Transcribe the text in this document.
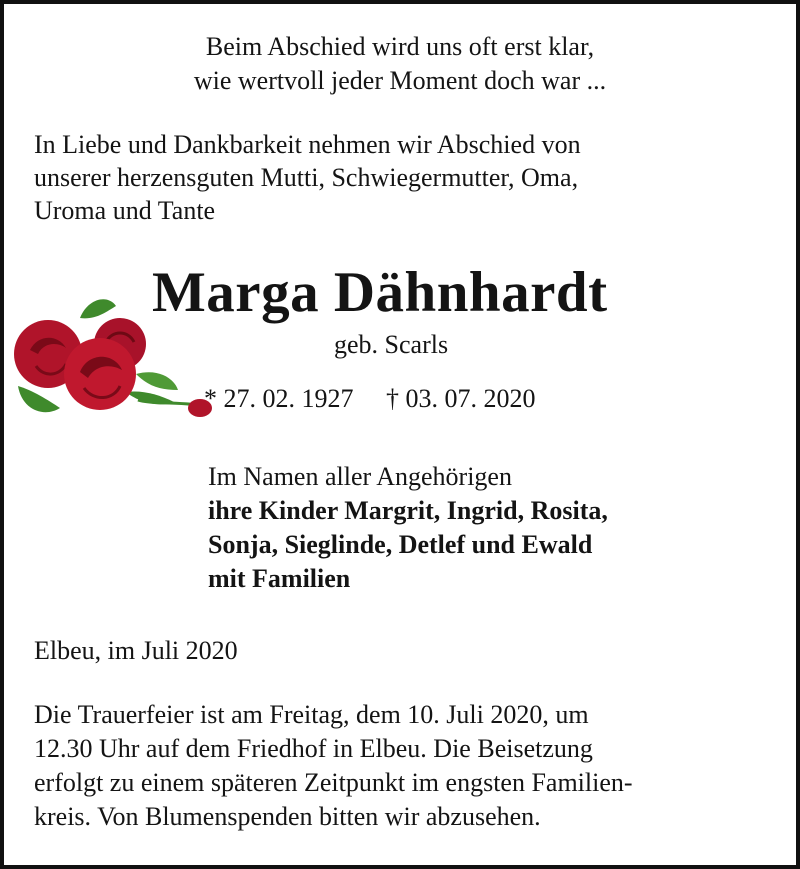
Beim Abschied wird uns oft erst klar,
wie wertvoll jeder Moment doch war ...
In Liebe und Dankbarkeit nehmen wir Abschied von
unserer herzensguten Mutti, Schwiegermutter, Oma,
Uroma und Tante
Marga Dähnhardt
geb. Scarls
* 27. 02. 1927 † 03. 07. 2020
Im Namen aller Angehörigen
ihre Kinder Margrit, Ingrid, Rosita,
Sonja, Sieglinde, Detlef und Ewald
mit Familien
Elbeu, im Juli 2020
Die Trauerfeier ist am Freitag, dem 10. Juli 2020, um
12.30 Uhr auf dem Friedhof in Elbeu. Die Beisetzung
erfolgt zu einem späteren Zeitpunkt im engsten Familien-
kreis. Von Blumenspenden bitten wir abzusehen.
